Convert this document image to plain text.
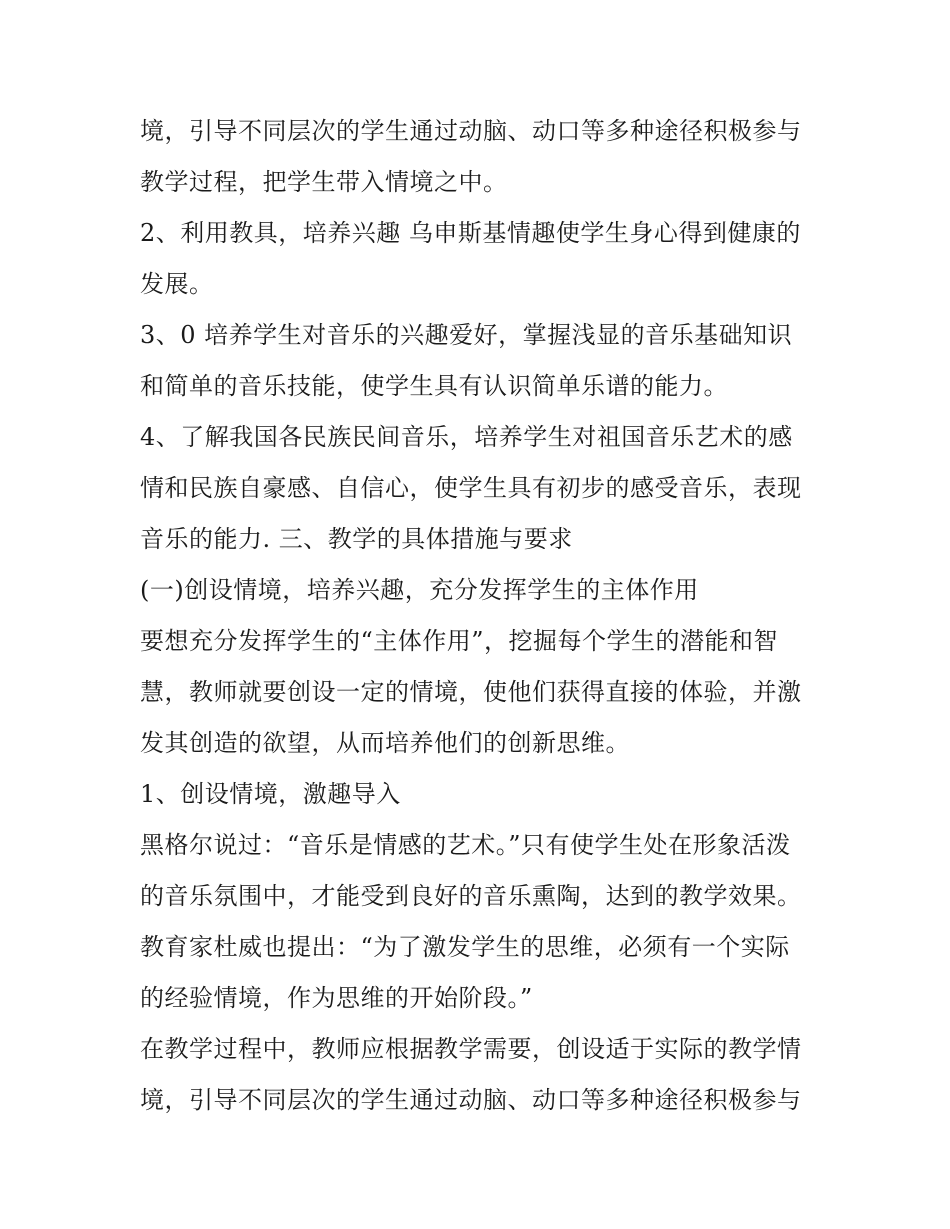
境，引导不同层次的学生通过动脑、动口等多种途径积极参与
教学过程，把学生带入情境之中。
2、利用教具，培养兴趣 乌申斯基情趣使学生身心得到健康的
发展。
3、0 培养学生对音乐的兴趣爱好，掌握浅显的音乐基础知识
和简单的音乐技能，使学生具有认识简单乐谱的能力。
4、了解我国各民族民间音乐，培养学生对祖国音乐艺术的感
情和民族自豪感、自信心，使学生具有初步的感受音乐，表现
音乐的能力. 三、教学的具体措施与要求
(一)创设情境，培养兴趣，充分发挥学生的主体作用
要想充分发挥学生的“主体作用”，挖掘每个学生的潜能和智
慧，教师就要创设一定的情境，使他们获得直接的体验，并激
发其创造的欲望，从而培养他们的创新思维。
1、创设情境，激趣导入
黑格尔说过：“音乐是情感的艺术。”只有使学生处在形象活泼
的音乐氛围中，才能受到良好的音乐熏陶，达到的教学效果。
教育家杜威也提出：“为了激发学生的思维，必须有一个实际
的经验情境，作为思维的开始阶段。”
在教学过程中，教师应根据教学需要，创设适于实际的教学情
境，引导不同层次的学生通过动脑、动口等多种途径积极参与
